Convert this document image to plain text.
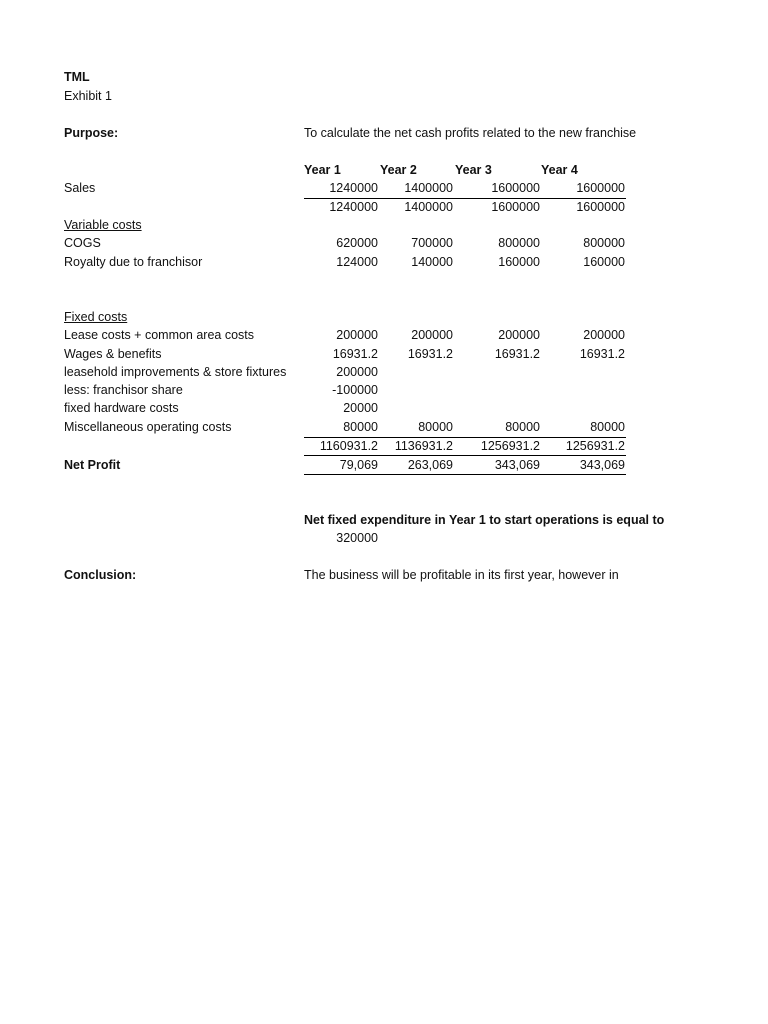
TML
Exhibit 1
Purpose:	To calculate the net cash profits related to the new franchise
Year 1	Year 2	Year 3	Year 4
Sales	1240000	1400000	1600000	1600000
1240000	1400000	1600000	1600000
Variable costs
COGS	620000	700000	800000	800000
Royalty due to franchisor	124000	140000	160000	160000
Fixed costs
Lease costs + common area costs	200000	200000	200000	200000
Wages & benefits	16931.2	16931.2	16931.2	16931.2
leasehold improvements & store fixtures	200000
less: franchisor share	-100000
fixed hardware costs	20000
Miscellaneous operating costs	80000	80000	80000	80000
1160931.2	1136931.2	1256931.2	1256931.2
Net Profit	79,069	263,069	343,069	343,069
Net fixed expenditure in Year 1 to start operations is equal to
320000
Conclusion:	The business will be profitable in its first year, however in
